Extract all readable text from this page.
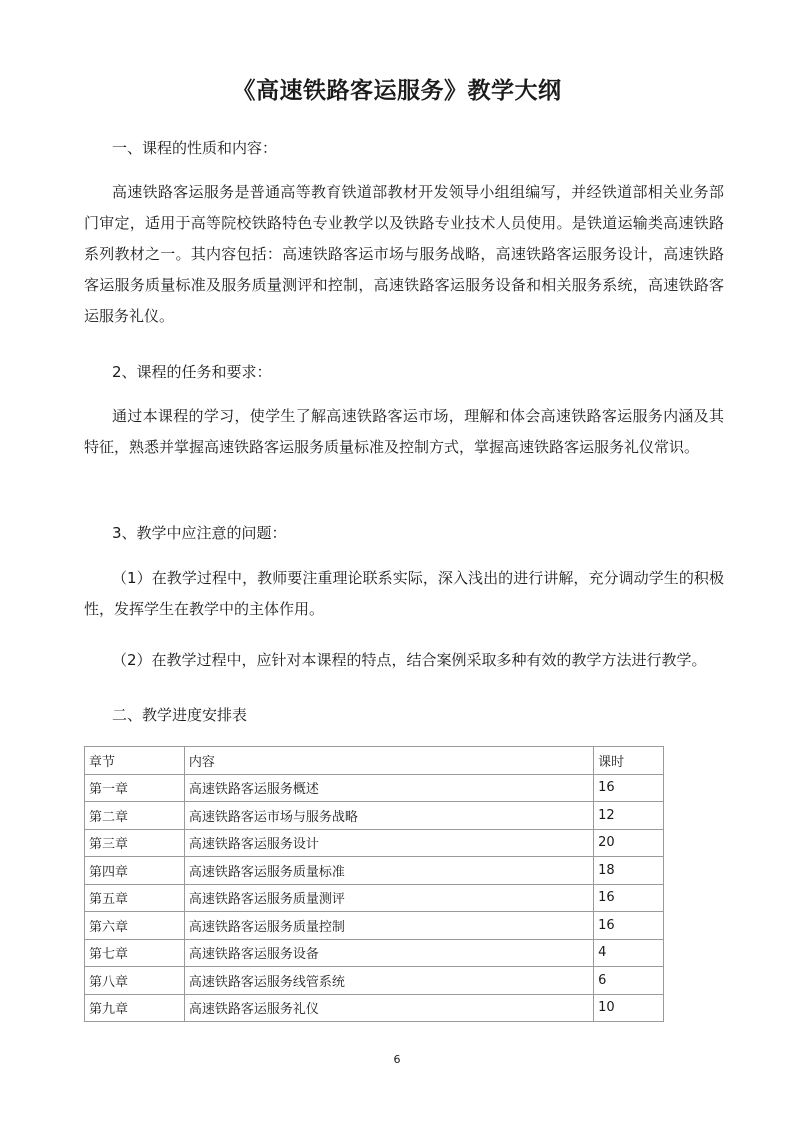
《高速铁路客运服务》教学大纲
一、课程的性质和内容：
高速铁路客运服务是普通高等教育铁道部教材开发领导小组组编写，并经铁道部相关业务部门审定，适用于高等院校铁路特色专业教学以及铁路专业技术人员使用。是铁道运输类高速铁路系列教材之一。其内容包括：高速铁路客运市场与服务战略，高速铁路客运服务设计，高速铁路客运服务质量标准及服务质量测评和控制，高速铁路客运服务设备和相关服务系统，高速铁路客运服务礼仪。
2、课程的任务和要求：
通过本课程的学习，使学生了解高速铁路客运市场，理解和体会高速铁路客运服务内涵及其特征，熟悉并掌握高速铁路客运服务质量标准及控制方式，掌握高速铁路客运服务礼仪常识。
3、教学中应注意的问题：
（1）在教学过程中，教师要注重理论联系实际，深入浅出的进行讲解，充分调动学生的积极性，发挥学生在教学中的主体作用。
（2）在教学过程中，应针对本课程的特点，结合案例采取多种有效的教学方法进行教学。
二、教学进度安排表
章节	内容	课时
第一章	高速铁路客运服务概述	16
第二章	高速铁路客运市场与服务战略	12
第三章	高速铁路客运服务设计	20
第四章	高速铁路客运服务质量标准	18
第五章	高速铁路客运服务质量测评	16
第六章	高速铁路客运服务质量控制	16
第七章	高速铁路客运服务设备	4
第八章	高速铁路客运服务线管系统	6
第九章	高速铁路客运服务礼仪	10
6
